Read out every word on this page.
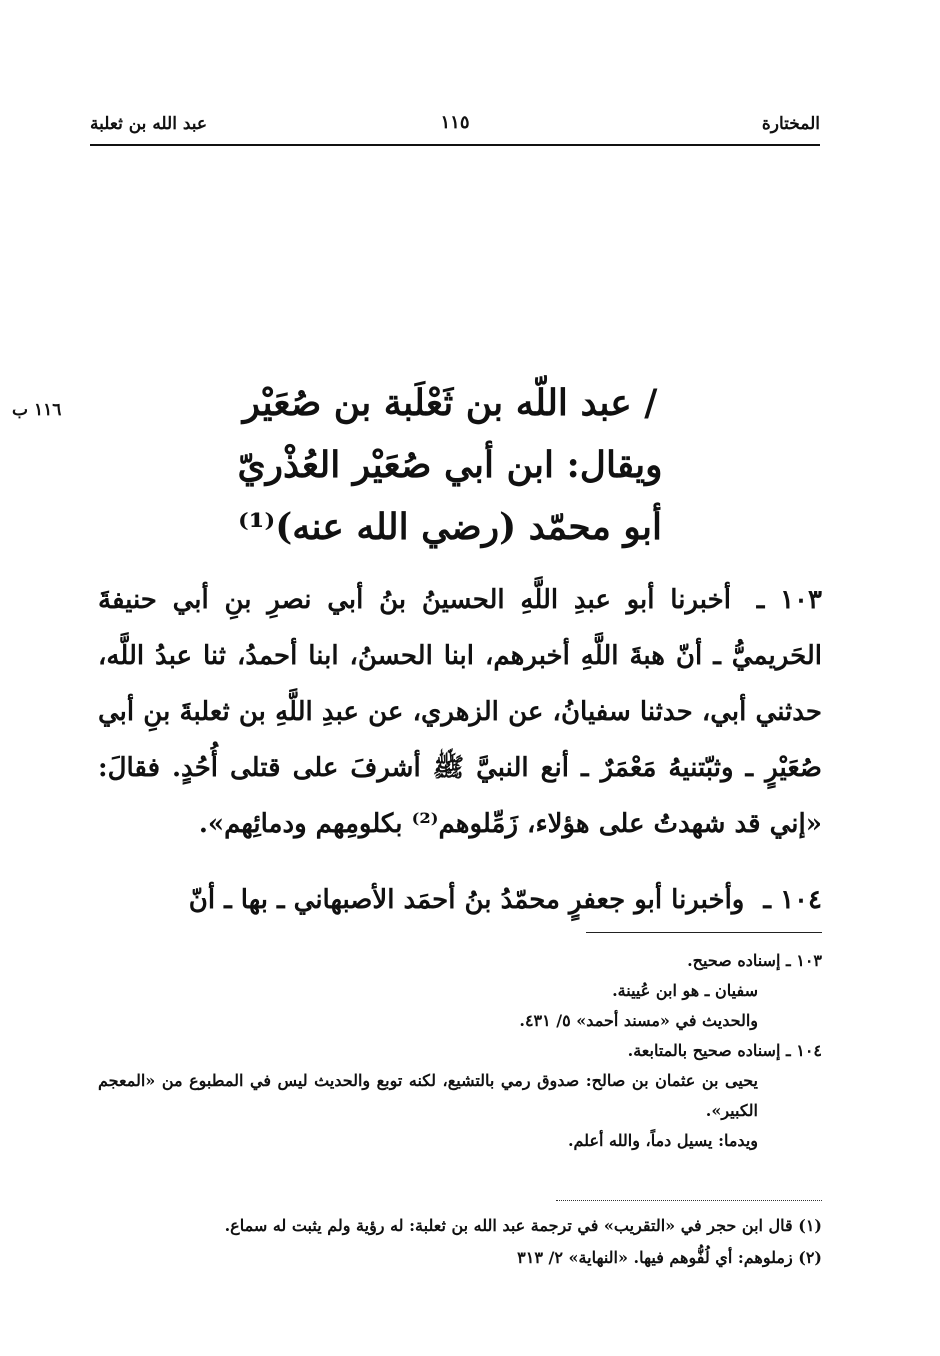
المختارة
١١٥
عبد الله بن ثعلبة
١١٦ ب	/ عبد اللّه بن ثَعْلَبة بن صُعَيْر
ويقال: ابن أبي صُعَيْر العُذْريّ
أبو محمّد (رضي الله عنه)⁽¹⁾

١٠٣ ـ أخبرنا أبو عبدِ اللَّهِ الحسينُ بنُ أبي نصرِ بنِ أبي حنيفةَ الحَريميُّ ـ أنّ هبةَ اللَّهِ أخبرهم، ابنا الحسنُ، ابنا أحمدُ، ثنا عبدُ اللَّه، حدثني أبي، حدثنا سفيانُ، عن الزهري، عن عبدِ اللَّهِ بن ثعلبةَ بنِ أبي صُعَيْرٍ ـ وثبّتنيهُ مَعْمَرٌ ـ أنع النبيَّ ﷺ أشرفَ على قتلى أُحُدٍ. فقالَ: «إني قد شهدتُ على هؤلاء، زَمِّلوهم⁽²⁾ بكلومِهم ودمائِهم».

١٠٤ ـ وأخبرنا أبو جعفرٍ محمّدُ بنُ أحمَد الأصبهاني ـ بها ـ أنّ

١٠٣ ـ إسناده صحيح.

سفيان ـ هو ابن عُيينة.

والحديث في «مسند أحمد» ٥/ ٤٣١.

١٠٤ ـ إسناده صحيح بالمتابعة.

يحيى بن عثمان بن صالح: صدوق رمي بالتشيع، لكنه توبع والحديث ليس في المطبوع من «المعجم الكبير».

ويدما: يسيل دماً، والله أعلم.

(١) قال ابن حجر في «التقريب» في ترجمة عبد الله بن ثعلبة: له رؤية ولم يثبت له سماع.

(٢) زملوهم: أي لُفُّوهم فيها. «النهاية» ٢/ ٣١٣
